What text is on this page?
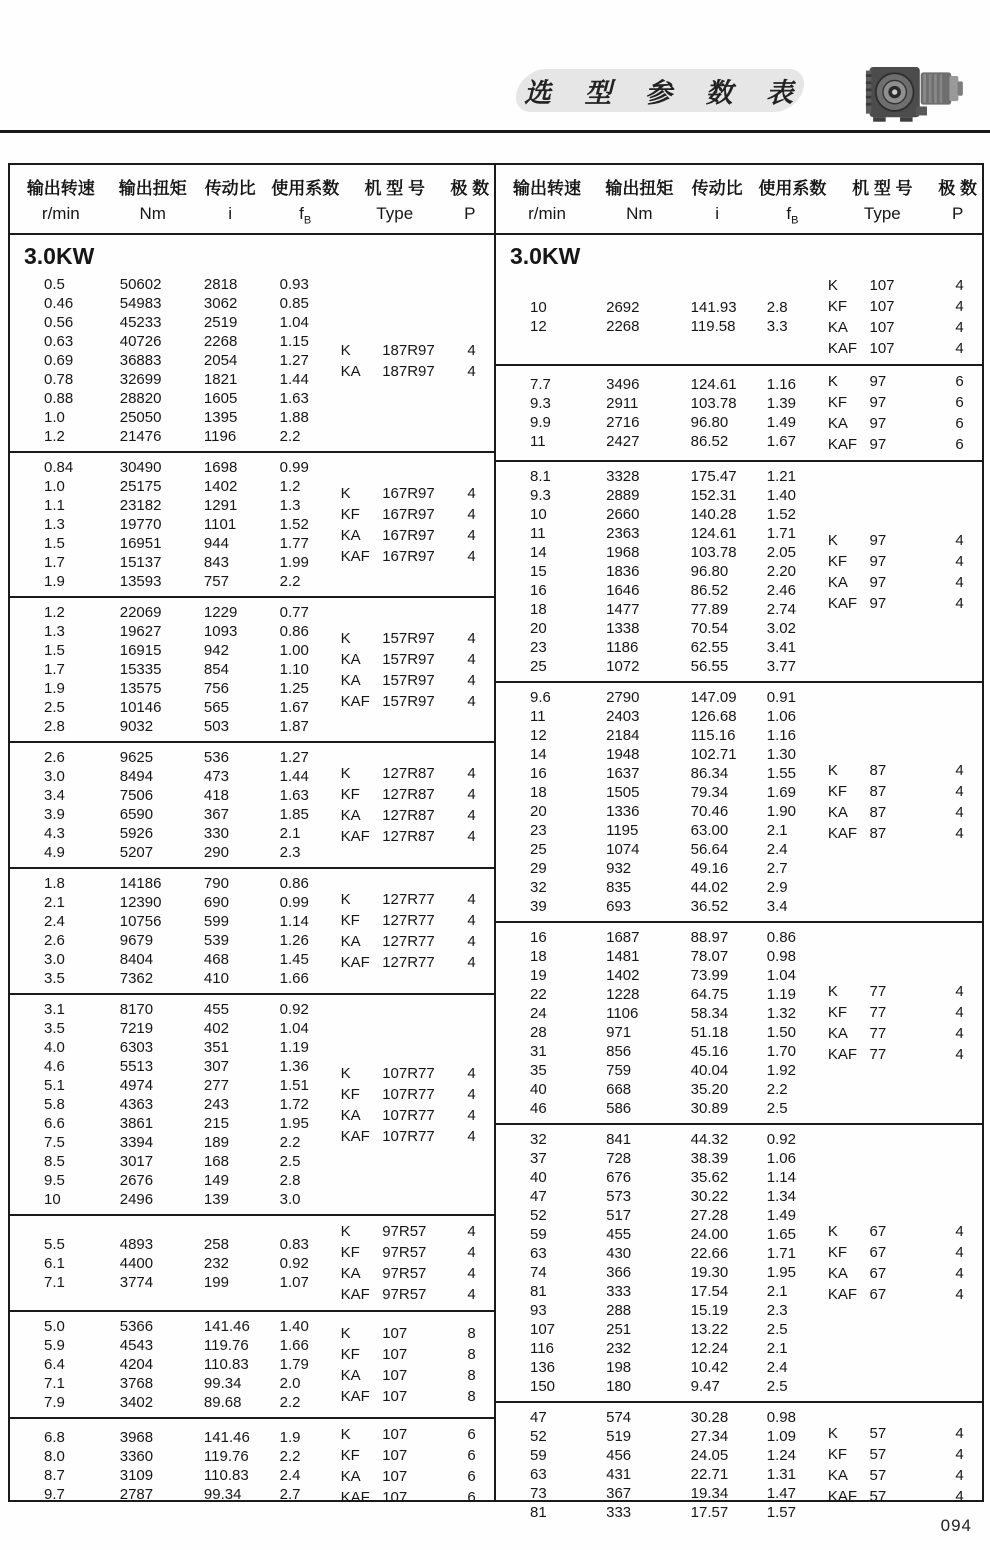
选 型 参 数 表
输出转速
r/min
输出扭矩
Nm
传动比
i
使用系数
$f_B$
机 型 号
Type
极 数
P
3.0KW
0.5	50602	2818	0.93
0.46	54983	3062	0.85
0.56	45233	2519	1.04
0.63	40726	2268	1.15
0.69	36883	2054	1.27
0.78	32699	1821	1.44
0.88	28820	1605	1.63
1.0	25050	1395	1.88
1.2	21476	1196	2.2
K	187R97	4
KA	187R97	4
0.84	30490	1698	0.99
1.0	25175	1402	1.2
1.1	23182	1291	1.3
1.3	19770	1101	1.52
1.5	16951	944	1.77
1.7	15137	843	1.99
1.9	13593	757	2.2
K	167R97	4
KF	167R97	4
KA	167R97	4
KAF 167R97	4
1.2	22069	1229	0.77
1.3	19627	1093	0.86
1.5	16915	942	1.00
1.7	15335	854	1.10
1.9	13575	756	1.25
2.5	10146	565	1.67
2.8	9032	503	1.87
K	157R97	4
KA	157R97	4
KA	157R97	4
KAF 157R97	4
2.6	9625	536	1.27
3.0	8494	473	1.44
3.4	7506	418	1.63
3.9	6590	367	1.85
4.3	5926	330	2.1
4.9	5207	290	2.3
K	127R87	4
KF	127R87	4
KA	127R87	4
KAF 127R87	4
1.8	14186	790	0.86
2.1	12390	690	0.99
2.4	10756	599	1.14
2.6	9679	539	1.26
3.0	8404	468	1.45
3.5	7362	410	1.66
K	127R77	4
KF	127R77	4
KA	127R77	4
KAF 127R77	4
3.1	8170	455	0.92
3.5	7219	402	1.04
4.0	6303	351	1.19
4.6	5513	307	1.36
5.1	4974	277	1.51
5.8	4363	243	1.72
6.6	3861	215	1.95
7.5	3394	189	2.2
8.5	3017	168	2.5
9.5	2676	149	2.8
10	2496	139	3.0
K	107R77	4
KF	107R77	4
KA	107R77	4
KAF 107R77	4
5.5	4893	258	0.83
6.1	4400	232	0.92
7.1	3774	199	1.07
K	97R57	4
KF	97R57	4
KA	97R57	4
KAF 97R57	4
5.0	5366	141.46	1.40
5.9	4543	119.76	1.66
6.4	4204	110.83	1.79
7.1	3768	99.34	2.0
7.9	3402	89.68	2.2
K	107	8
KF	107	8
KA	107	8
KAF 107	8
6.8	3968	141.46	1.9
8.0	3360	119.76	2.2
8.7	3109	110.83	2.4
9.7	2787	99.34	2.7
K	107	6
KF	107	6
KA	107	6
KAF 107	6
输出转速
r/min
输出扭矩
Nm
传动比
i
使用系数
$f_B$
机 型 号
Type
极 数
P
3.0KW
10	2692	141.93	2.8
12	2268	119.58	3.3
K	107	4
KF	107	4
KA	107	4
KAF 107	4
7.7	3496	124.61	1.16
9.3	2911	103.78	1.39
9.9	2716	96.80	1.49
11	2427	86.52	1.67
K	97	6
KF	97	6
KA	97	6
KAF 97	6
8.1	3328	175.47	1.21
9.3	2889	152.31	1.40
10	2660	140.28	1.52
11	2363	124.61	1.71
14	1968	103.78	2.05
15	1836	96.80	2.20
16	1646	86.52	2.46
18	1477	77.89	2.74
20	1338	70.54	3.02
23	1186	62.55	3.41
25	1072	56.55	3.77
K	97	4
KF	97	4
KA	97	4
KAF 97	4
9.6	2790	147.09	0.91
11	2403	126.68	1.06
12	2184	115.16	1.16
14	1948	102.71	1.30
16	1637	86.34	1.55
18	1505	79.34	1.69
20	1336	70.46	1.90
23	1195	63.00	2.1
25	1074	56.64	2.4
29	932	49.16	2.7
32	835	44.02	2.9
39	693	36.52	3.4
K	87	4
KF	87	4
KA	87	4
KAF 87	4
16	1687	88.97	0.86
18	1481	78.07	0.98
19	1402	73.99	1.04
22	1228	64.75	1.19
24	1106	58.34	1.32
28	971	51.18	1.50
31	856	45.16	1.70
35	759	40.04	1.92
40	668	35.20	2.2
46	586	30.89	2.5
K	77	4
KF	77	4
KA	77	4
KAF 77	4
32	841	44.32	0.92
37	728	38.39	1.06
40	676	35.62	1.14
47	573	30.22	1.34
52	517	27.28	1.49
59	455	24.00	1.65
63	430	22.66	1.71
74	366	19.30	1.95
81	333	17.54	2.1
93	288	15.19	2.3
107	251	13.22	2.5
116	232	12.24	2.1
136	198	10.42	2.4
150	180	9.47	2.5
K	67	4
KF	67	4
KA	67	4
KAF 67	4
47	574	30.28	0.98
52	519	27.34	1.09
59	456	24.05	1.24
63	431	22.71	1.31
73	367	19.34	1.47
81	333	17.57	1.57
K	57	4
KF	57	4
KA	57	4
KAF 57	4
094
